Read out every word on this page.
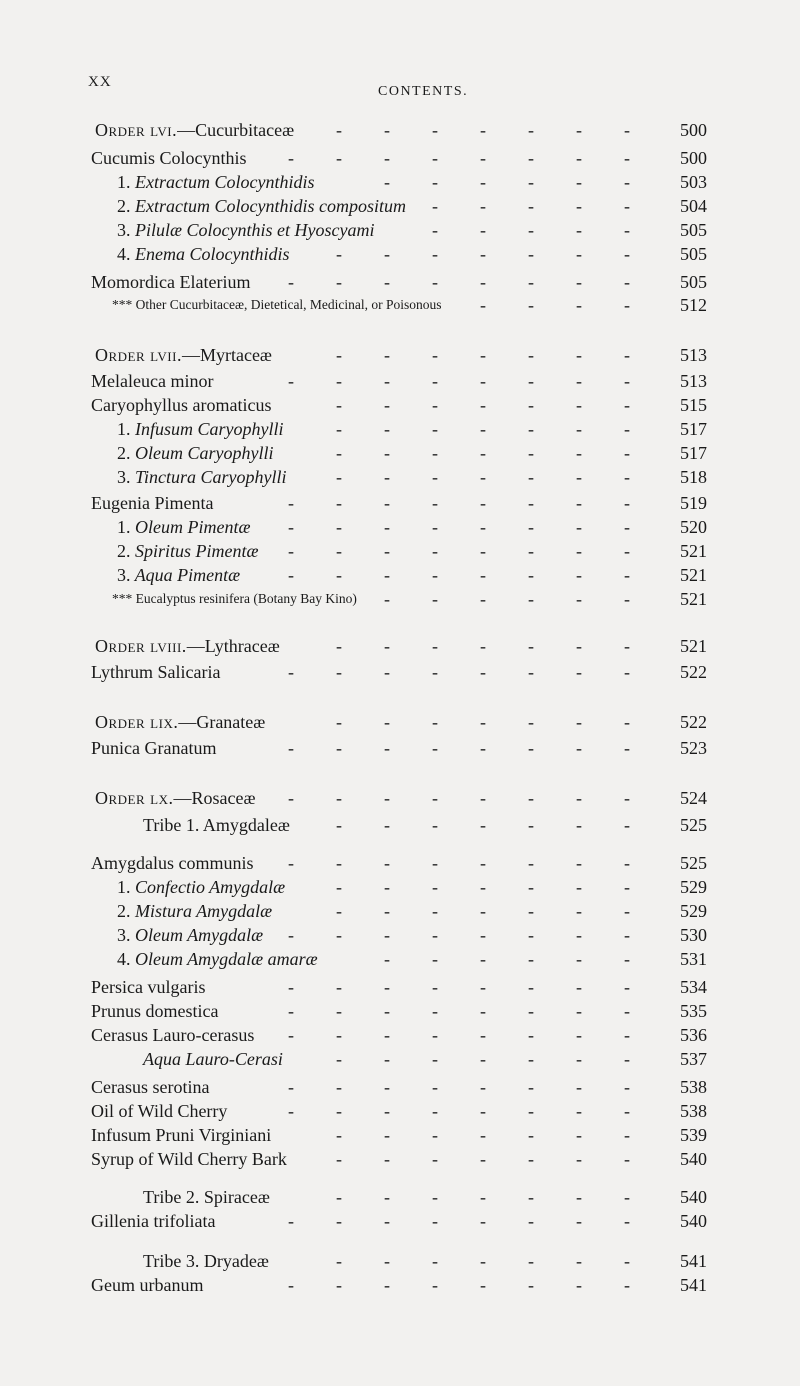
XX
CONTENTS.
Order lvi.—Cucurbitaceæ - - - - - - -	500
Cucumis Colocynthis - - - - - - - -	500
1. Extractum Colocynthidis	- - - - - -	503
2. Extractum Colocynthidis compositum - - - - -	504
3. Pilulæ Colocynthis et Hyoscyami	- - - - -	505
4. Enema Colocynthidis	- - - - - - -	505
Momordica Elaterium - - - - - - - -	505
*** Other Cucurbitaceæ, Dietetical, Medicinal, or Poisonous - - - -	512
Order lvii.—Myrtaceæ	- - - - - - -	513
Melaleuca minor	- - - - - - - -	513
Caryophyllus aromaticus	- - - - - - -	515
1. Infusum Caryophylli	- - - - - - -	517
2. Oleum Caryophylli	- - - - - - -	517
3. Tinctura Caryophylli	- - - - - - -	518
Eugenia Pimenta	- - - - - - - -	519
1. Oleum Pimentæ - - - - - - - -	520
2. Spiritus Pimentæ - - - - - - - -	521
3. Aqua Pimentæ	- - - - - - - -	521
*** Eucalyptus resinifera (Botany Bay Kino) - - - - - -	521
Order lviii.—Lythraceæ	- - - - - - -	521
Lythrum Salicaria	- - - - - - - -	522
Order lix.—Granateæ	- - - - - - -	522
Punica Granatum	- - - - - - - -	523
Order lx.—Rosaceæ - - - - - - - -	524
Tribe 1. Amygdaleæ	- - - - - - -	525
Amygdalus communis - - - - - - - -	525
1. Confectio Amygdalæ	- - - - - - -	529
2. Mistura Amygdalæ	- - - - - - -	529
3. Oleum Amygdalæ - - - - - - - -	530
4. Oleum Amygdalæ amaræ	- - - - - -	531
Persica vulgaris	- - - - - - - -	534
Prunus domestica	- - - - - - - -	535
Cerasus Lauro-cerasus - - - - - - - -	536
Aqua Lauro-Cerasi	- - - - - - -	537
Cerasus serotina	- - - - - - - -	538
Oil of Wild Cherry	- - - - - - - -	538
Infusum Pruni Virginiani	- - - - - - -	539
Syrup of Wild Cherry Bark	- - - - - - -	540
Tribe 2. Spiraceæ	- - - - - - -	540
Gillenia trifoliata	- - - - - - - -	540
Tribe 3. Dryadeæ	- - - - - - -	541
Geum urbanum	- - - - - - - -	541
